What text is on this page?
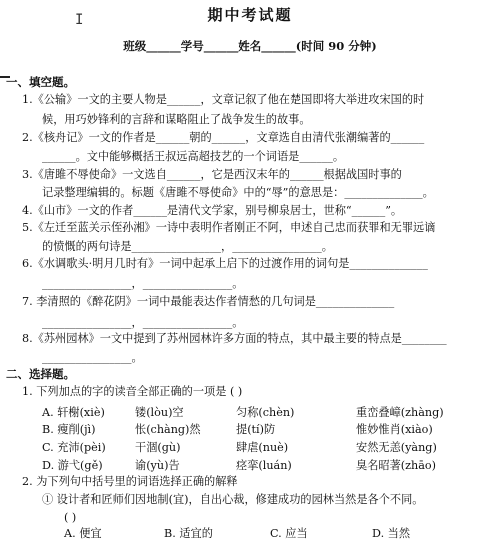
Ι	期中考试题
班级______学号______姓名______(时间 90 分钟)
一、填空题。
1.《公输》一文的主要人物是______，文章记叙了他在楚国即将大举进攻宋国的时
候，用巧妙锋利的言辞和谋略阻止了战争发生的故事。
2.《核舟记》一文的作者是______朝的______，文章选自由清代张潮编著的______
______。文中能够概括王叔远高超技艺的一个词语是______。
3.《唐雎不辱使命》一文选自______，它是西汉末年的______根据战国时事的
记录整理编辑的。标题《唐雎不辱使命》中的“辱”的意思是：______________。
4.《山市》一文的作者______是清代文学家，别号柳泉居士，世称“______”。
5.《左迁至蓝关示侄孙湘》一诗中表明作者刚正不阿，申述自己忠而获罪和无罪远谪
的愤慨的两句诗是________________，________________。
6.《水调歌头·明月几时有》一词中起承上启下的过渡作用的词句是______________
________________，________________。
7. 李清照的《醉花阴》一词中最能表达作者情愁的几句词是______________
________________，________________。
8.《苏州园林》一文中提到了苏州园林许多方面的特点，其中最主要的特点是________
________________。
二、选择题。
1. 下列加点的字的读音全部正确的一项是 ( )
A. 轩榭(xiè)	镂(lòu)空	匀称(chèn)	重峦叠嶂(zhàng)
B. 瘦削(jì)	怅(chàng)然	提(tí)防	惟妙惟肖(xiào)
C. 充沛(pèi)	干涸(gù)	肆虐(nuè)	安然无恙(yàng)
D. 游弋(gě)	谕(yù)告	痉挛(luán)	臭名昭著(zhāo)
2. 为下列句中括号里的词语选择正确的解释
① 设计者和匠师们因地制(宜)，自出心裁，修建成功的园林当然是各个不同。
( )
A. 便宜	B. 适宜的	C. 应当	D. 当然
